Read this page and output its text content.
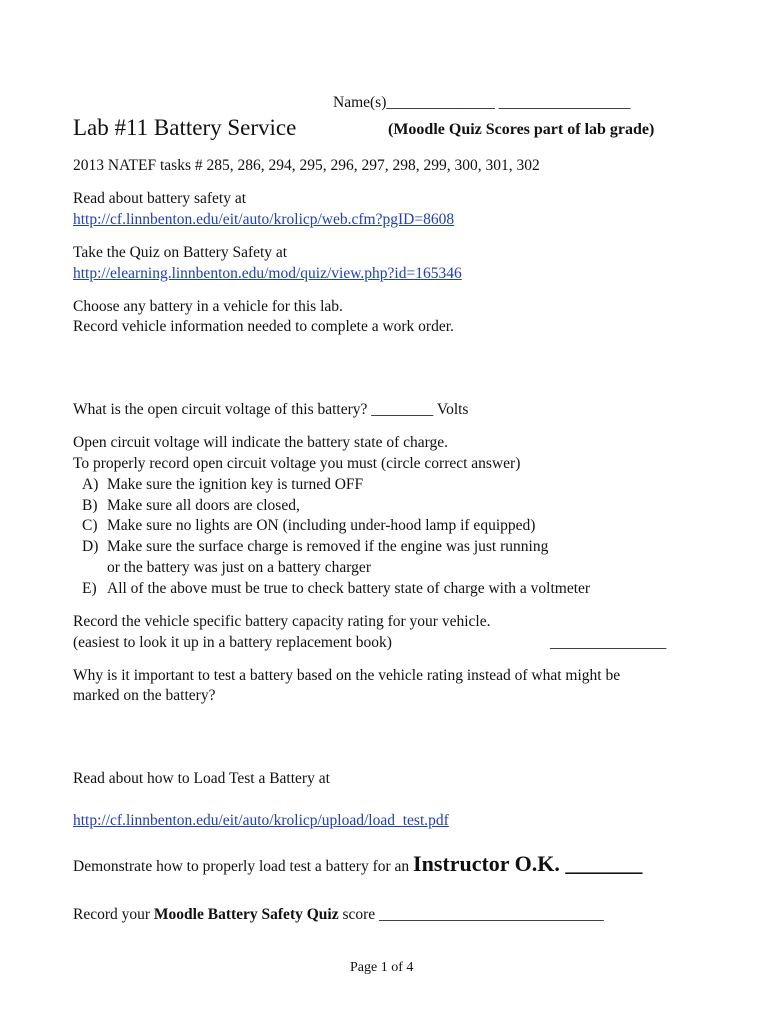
Name(s)______________ _________________
Lab #11 Battery Service	(Moodle Quiz Scores part of lab grade)
2013 NATEF tasks # 285, 286, 294, 295, 296, 297, 298, 299, 300, 301, 302
Read about battery safety at
http://cf.linnbenton.edu/eit/auto/krolicp/web.cfm?pgID=8608
Take the Quiz on Battery Safety at
http://elearning.linnbenton.edu/mod/quiz/view.php?id=165346
Choose any battery in a vehicle for this lab.
Record vehicle information needed to complete a work order.
What is the open circuit voltage of this battery? ________ Volts
Open circuit voltage will indicate the battery state of charge.
To properly record open circuit voltage you must (circle correct answer)
A) Make sure the ignition key is turned OFF
B) Make sure all doors are closed,
C) Make sure no lights are ON (including under-hood lamp if equipped)
D) Make sure the surface charge is removed if the engine was just running
or the battery was just on a battery charger
E) All of the above must be true to check battery state of charge with a voltmeter
Record the vehicle specific battery capacity rating for your vehicle.
(easiest to look it up in a battery replacement book)	_______________
Why is it important to test a battery based on the vehicle rating instead of what might be
marked on the battery?
Read about how to Load Test a Battery at
http://cf.linnbenton.edu/eit/auto/krolicp/upload/load_test.pdf
Demonstrate how to properly load test a battery for an Instructor O.K. _______
Record your Moodle Battery Safety Quiz score _____________________________
Page 1 of 4
